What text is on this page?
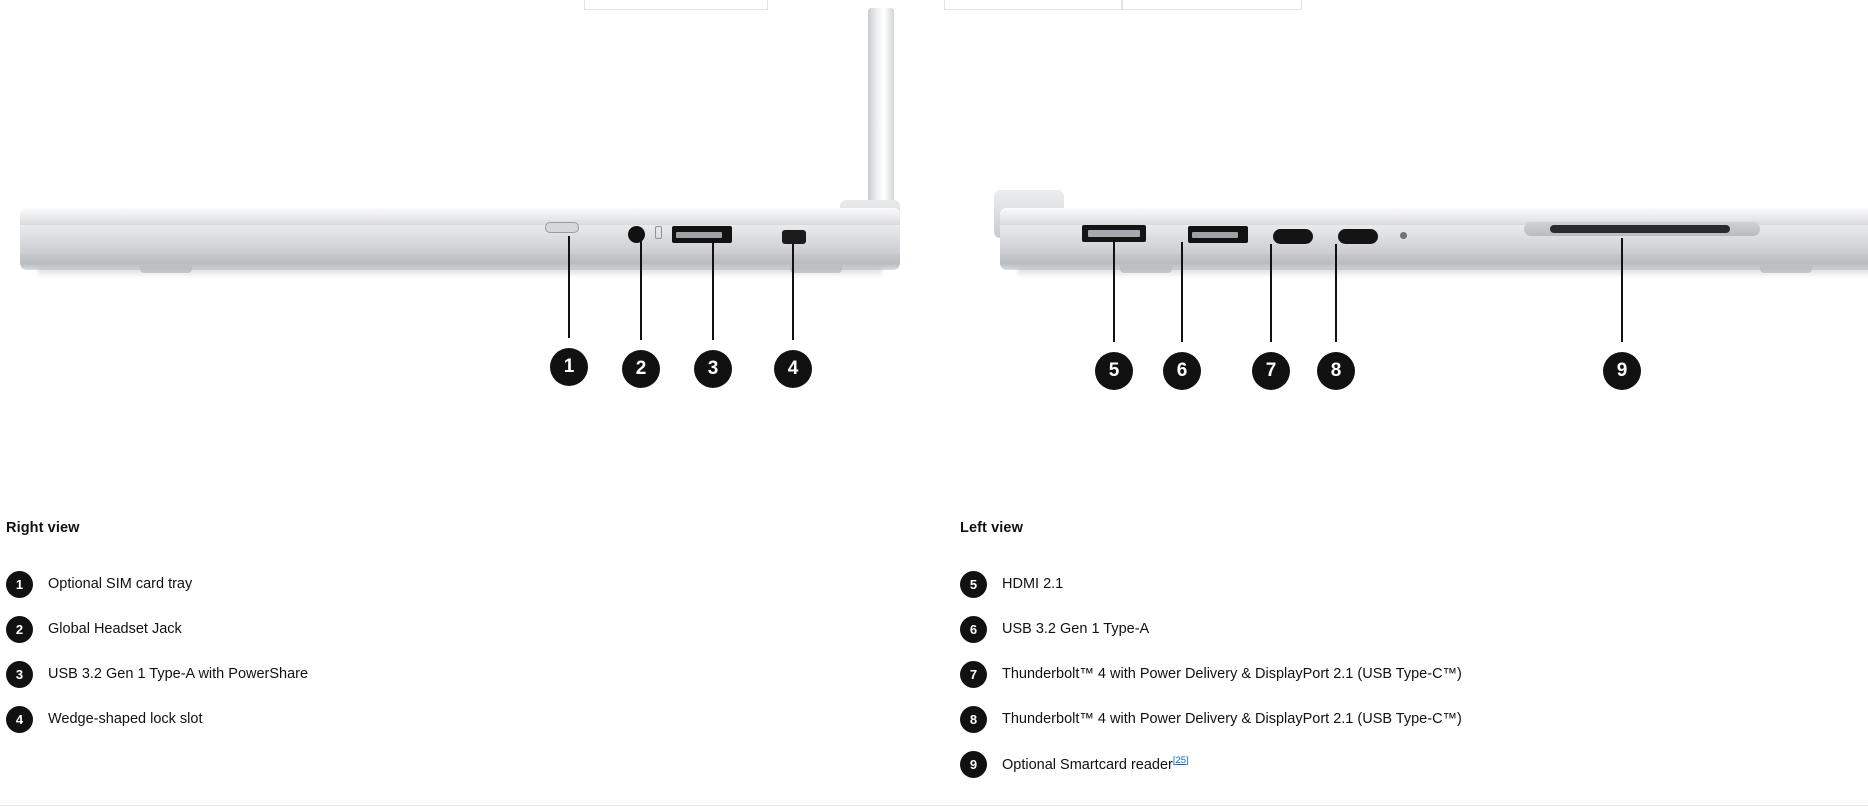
1	2	3	4	5	6	7	8	9
Right view
1	Optional SIM card tray
2	Global Headset Jack
3	USB 3.2 Gen 1 Type-A with PowerShare
4	Wedge-shaped lock slot
Left view
5	HDMI 2.1
6	USB 3.2 Gen 1 Type-A
7	Thunderbolt™ 4 with Power Delivery & DisplayPort 2.1 (USB Type-C™)
8	Thunderbolt™ 4 with Power Delivery & DisplayPort 2.1 (USB Type-C™)
9	Optional Smartcard reader[25]
